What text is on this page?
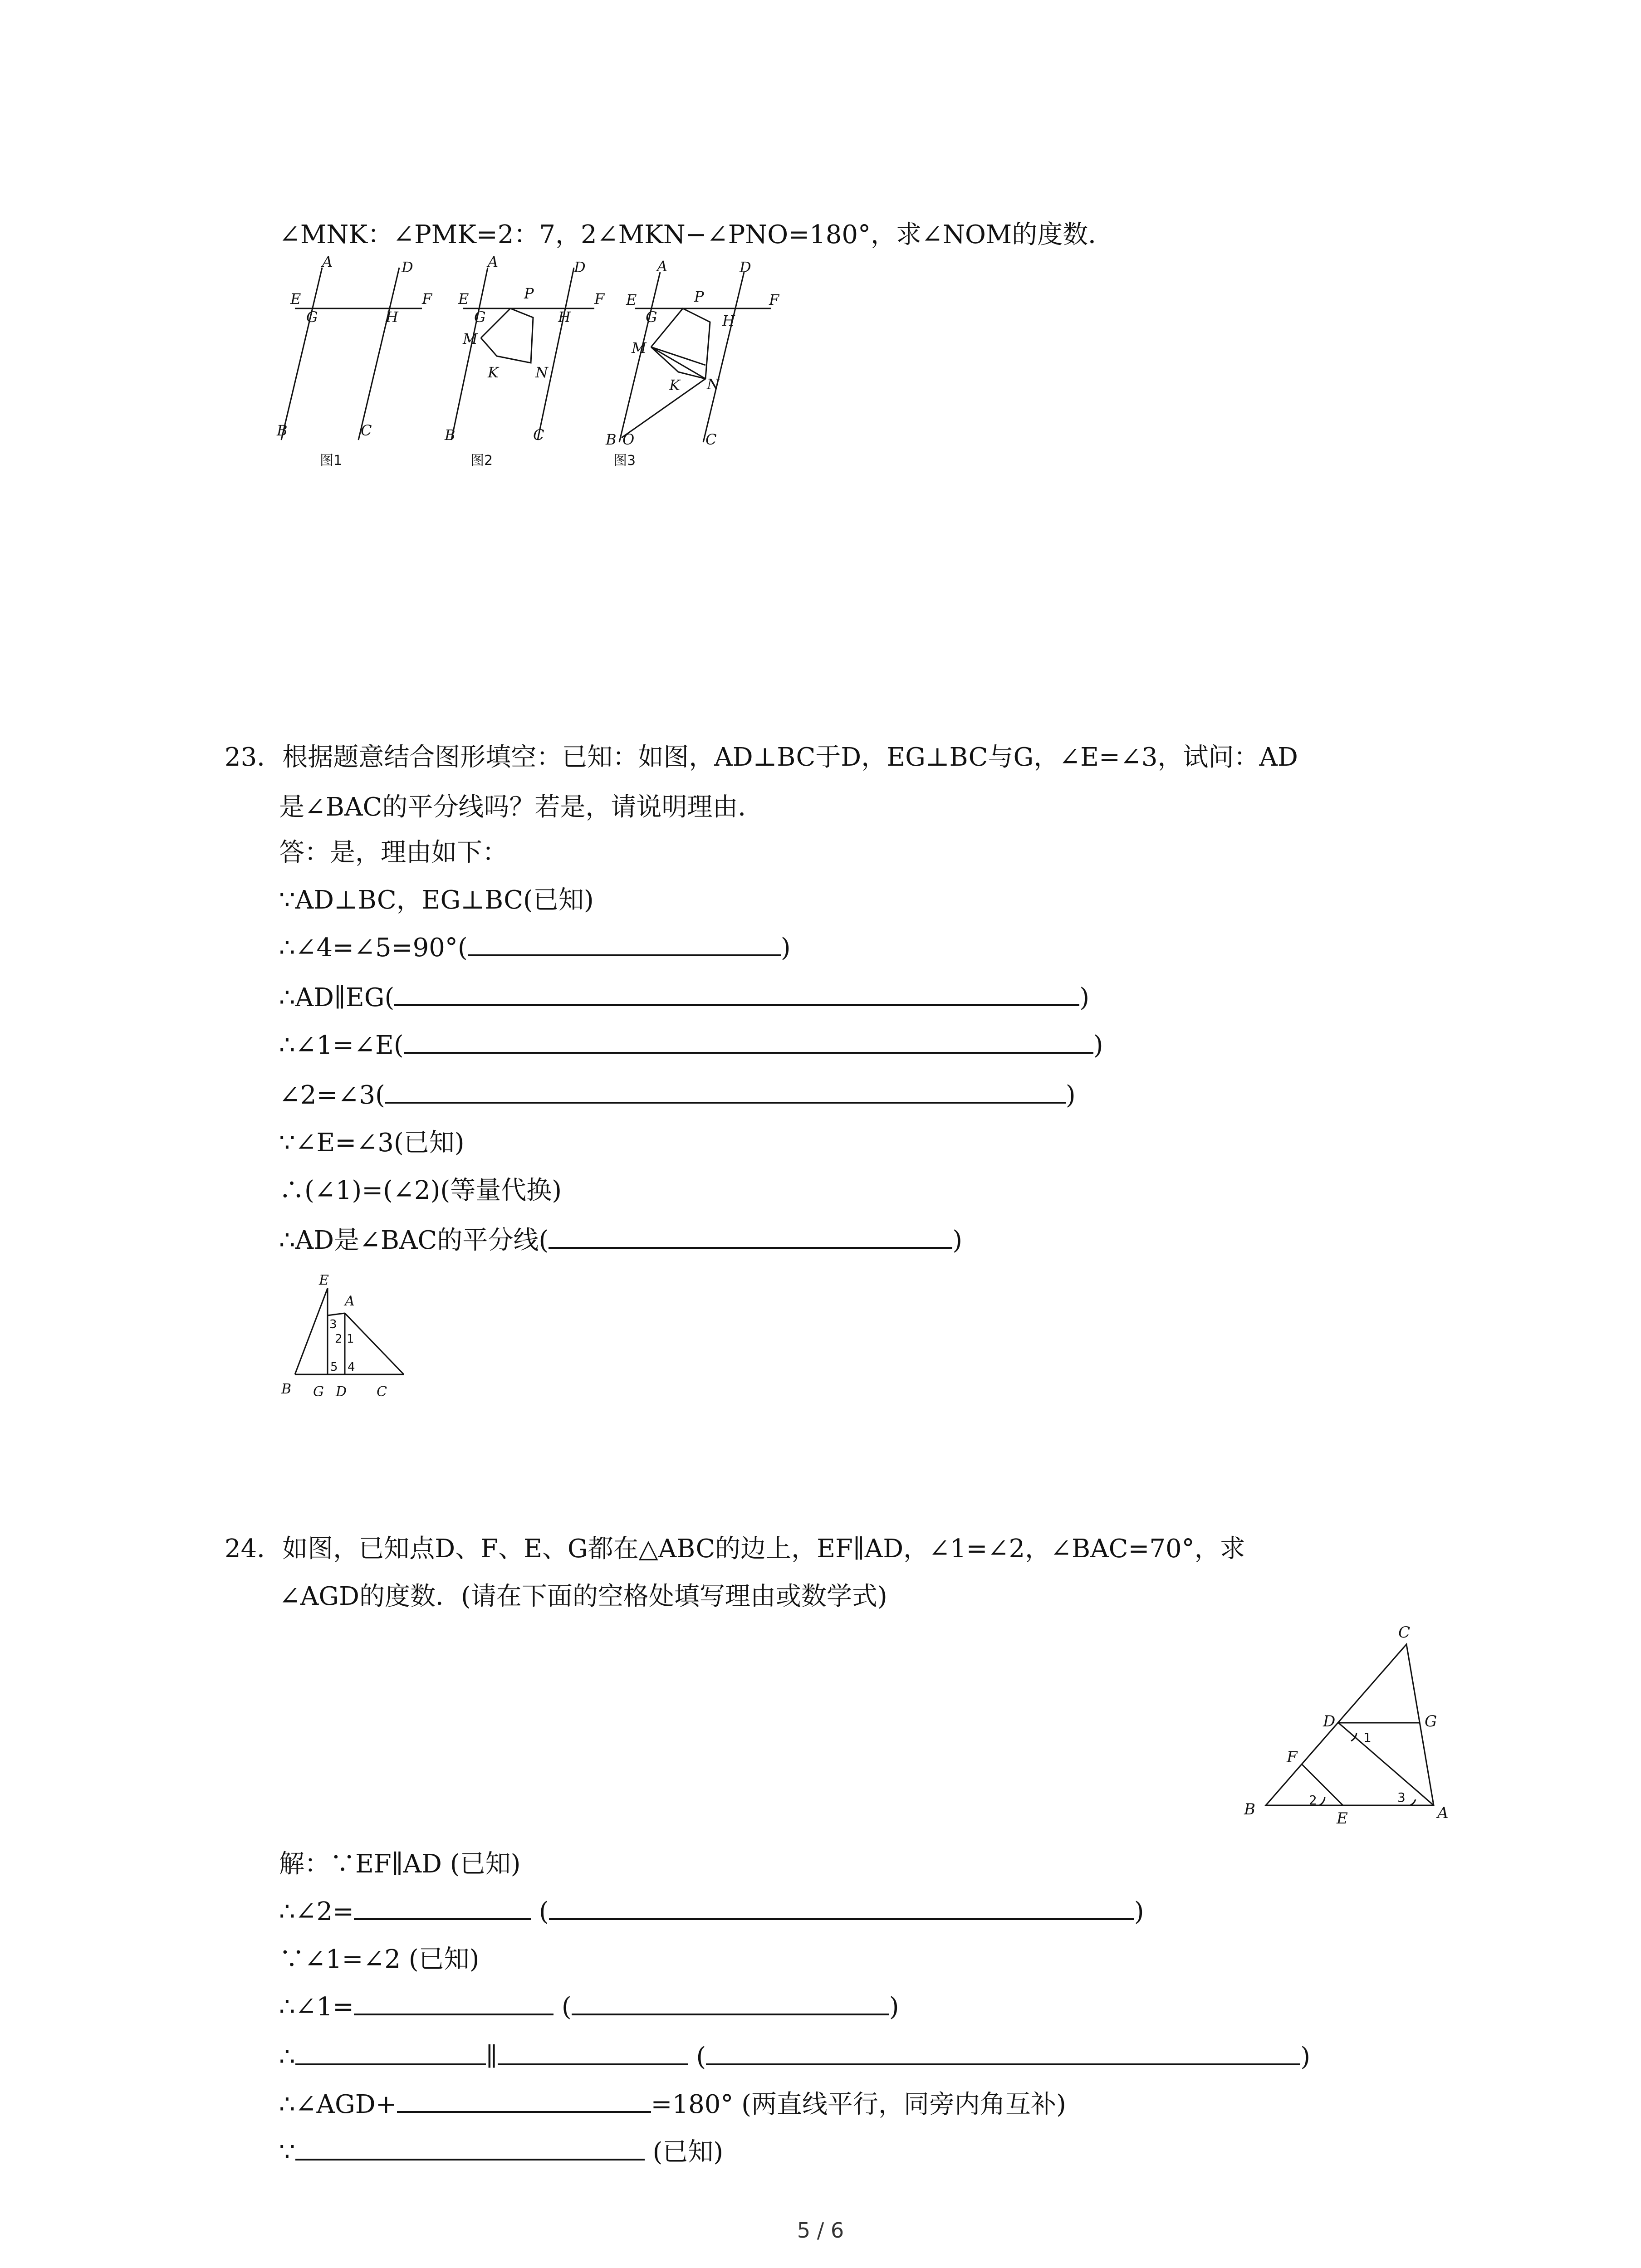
∠MNK：∠PMK=2：7，2∠MKN−∠PNO=180°，求∠NOM的度数．
A	D
E
G	H
F
B	C
图1
A	D
E
G
P
H
F
M
K	N
B	C
图2
A	D
E
G
P
H
F
M
K N
B O	C
图3
23．根据题意结合图形填空：已知：如图，AD⊥BC于D，EG⊥BC与G，∠E=∠3，试问：AD
是∠BAC的平分线吗？若是，请说明理由．
答：是，理由如下：
∵AD⊥BC，EG⊥BC(已知)
∴∠4=∠5=90°(	)
∴AD∥EG(	)
∴∠1=∠E(	)
∠2=∠3(	)
∵∠E=∠3(已知)
∴(∠1)=(∠2)(等量代换)
∴AD是∠BAC的平分线(	)
E
A
3
2 1
5 4
B G D C
24．如图，已知点D、F、E、G都在△ABC的边上，EF∥AD，∠1=∠2，∠BAC=70°，求
∠AGD的度数．(请在下面的空格处填写理由或数学式)
C
D	G
1
F
B
2
E
3
A
解：∵EF∥AD (已知)
∴∠2=	(	)
∵∠1=∠2 (已知)
∴∠1=	(	)
∴	∥	(	)
∴∠AGD+	=180° (两直线平行，同旁内角互补)
∵	(已知)
5 / 6
